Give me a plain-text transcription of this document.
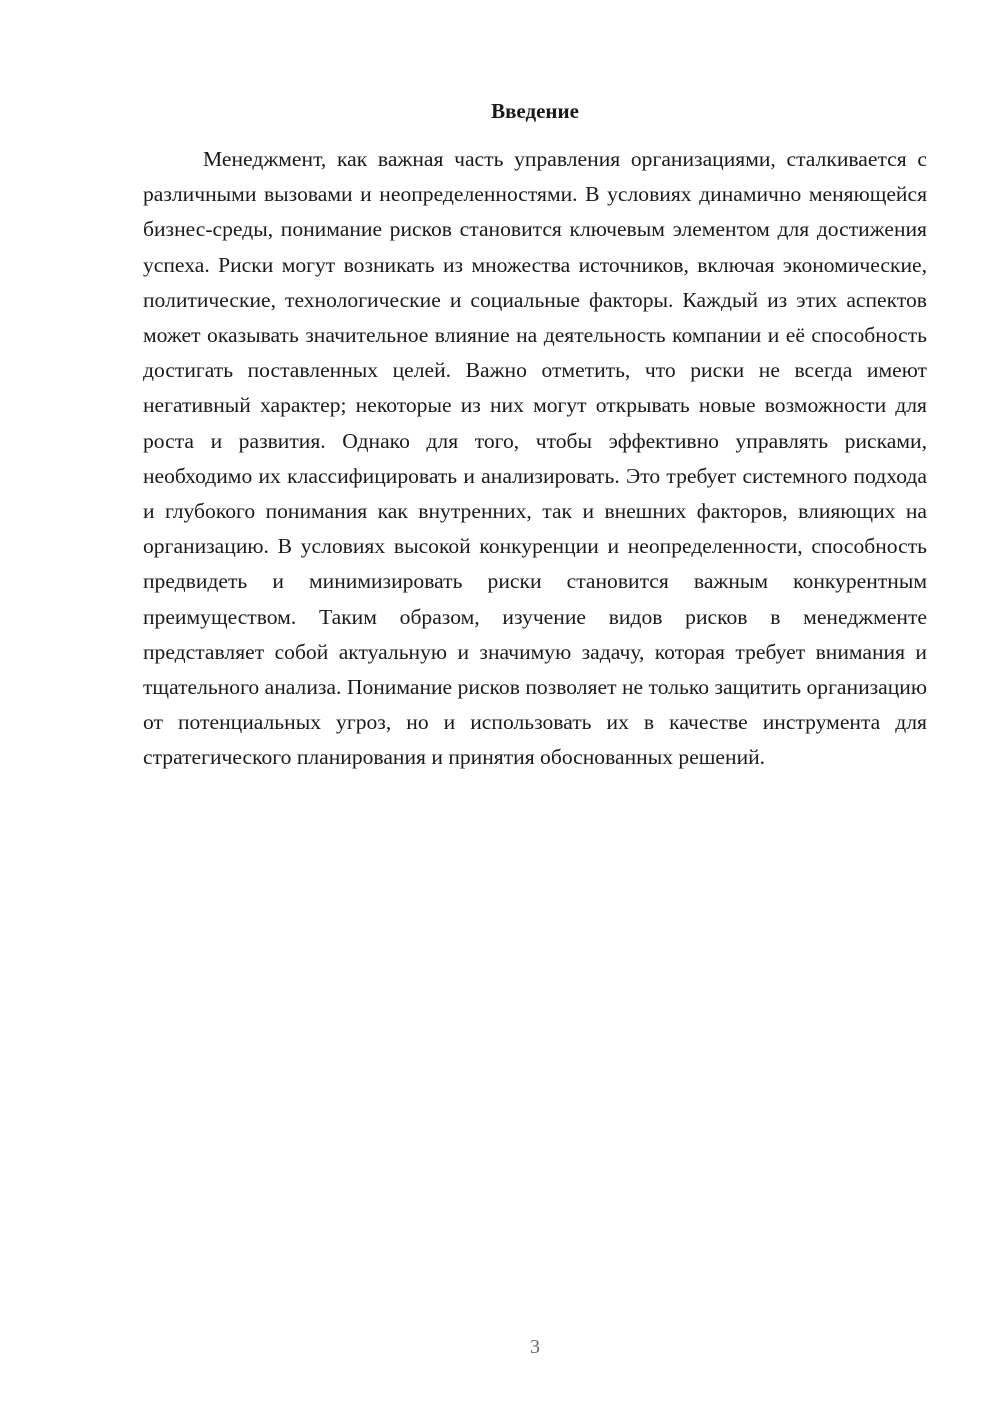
Введение

Менеджмент, как важная часть управления организациями, сталкивается с различными вызовами и неопределенностями. В условиях динамично меняющейся бизнес-среды, понимание рисков становится ключевым элементом для достижения успеха. Риски могут возникать из множества источников, включая экономические, политические, технологические и социальные факторы. Каждый из этих аспектов может оказывать значительное влияние на деятельность компании и её способность достигать поставленных целей. Важно отметить, что риски не всегда имеют негативный характер; некоторые из них могут открывать новые возможности для роста и развития. Однако для того, чтобы эффективно управлять рисками, необходимо их классифицировать и анализировать. Это требует системного подхода и глубокого понимания как внутренних, так и внешних факторов, влияющих на организацию. В условиях высокой конкуренции и неопределенности, способность предвидеть и минимизировать риски становится важным конкурентным преимуществом. Таким образом, изучение видов рисков в менеджменте представляет собой актуальную и значимую задачу, которая требует внимания и тщательного анализа. Понимание рисков позволяет не только защитить организацию от потенциальных угроз, но и использовать их в качестве инструмента для стратегического планирования и принятия обоснованных решений.

3
